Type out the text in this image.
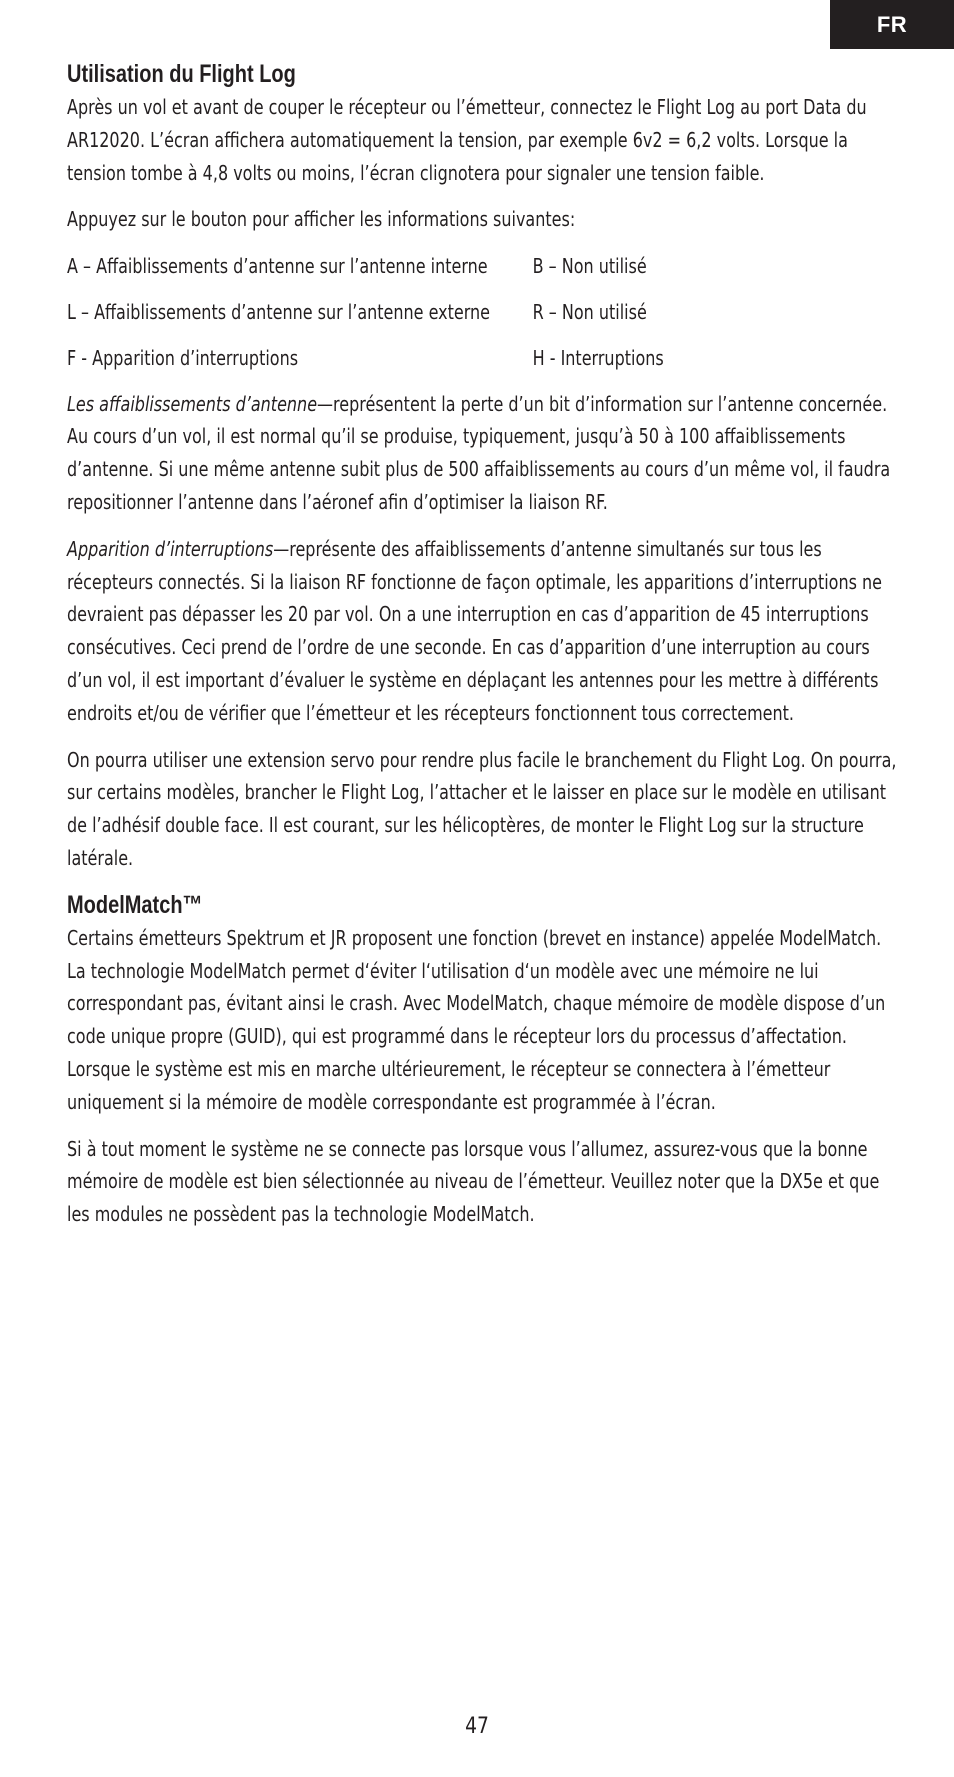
FR
Utilisation du Flight Log

Après un vol et avant de couper le récepteur ou l’émetteur, connectez le Flight Log au port Data du AR12020. L’écran affichera automatiquement la tension, par exemple 6v2 = 6,2 volts. Lorsque la tension tombe à 4,8 volts ou moins, l’écran clignotera pour signaler une tension faible.

Appuyez sur le bouton pour afficher les informations suivantes:

A – Affaiblissements d’antenne sur l’antenne interne	B – Non utilisé
L – Affaiblissements d’antenne sur l’antenne externe	R – Non utilisé
F - Apparition d’interruptions	H - Interruptions

Les affaiblissements d’antenne—représentent la perte d’un bit d’information sur l’antenne concernée. Au cours d’un vol, il est normal qu’il se produise, typiquement, jusqu’à 50 à 100 affaiblissements d’antenne. Si une même antenne subit plus de 500 affaiblissements au cours d’un même vol, il faudra repositionner l’antenne dans l’aéronef afin d’optimiser la liaison RF.

Apparition d’interruptions—représente des affaiblissements d’antenne simultanés sur tous les récepteurs connectés. Si la liaison RF fonctionne de façon optimale, les apparitions d’interruptions ne devraient pas dépasser les 20 par vol. On a une interruption en cas d’apparition de 45 interruptions consécutives. Ceci prend de l’ordre de une seconde. En cas d’apparition d’une interruption au cours d’un vol, il est important d’évaluer le système en déplaçant les antennes pour les mettre à différents endroits et/ou de vérifier que l’émetteur et les récepteurs fonctionnent tous correctement.

On pourra utiliser une extension servo pour rendre plus facile le branchement du Flight Log. On pourra, sur certains modèles, brancher le Flight Log, l’attacher et le laisser en place sur le modèle en utilisant de l’adhésif double face. Il est courant, sur les hélicoptères, de monter le Flight Log sur la structure latérale.

ModelMatch™

Certains émetteurs Spektrum et JR proposent une fonction (brevet en instance) appelée ModelMatch. La technologie ModelMatch permet d‘éviter l‘utilisation d‘un modèle avec une mémoire ne lui correspondant pas, évitant ainsi le crash. Avec ModelMatch, chaque mémoire de modèle dispose d’un code unique propre (GUID), qui est programmé dans le récepteur lors du processus d’affectation. Lorsque le système est mis en marche ultérieurement, le récepteur se connectera à l’émetteur uniquement si la mémoire de modèle correspondante est programmée à l’écran.

Si à tout moment le système ne se connecte pas lorsque vous l’allumez, assurez-vous que la bonne mémoire de modèle est bien sélectionnée au niveau de l’émetteur. Veuillez noter que la DX5e et que les modules ne possèdent pas la technologie ModelMatch.

47
